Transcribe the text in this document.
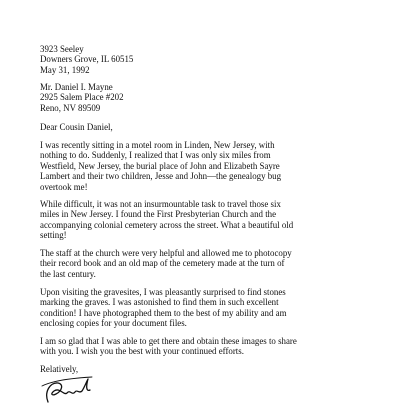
3923 Seeley
Downers Grove, IL 60515
May 31, 1992
Mr. Daniel I. Mayne
2925 Salem Place #202
Reno, NV 89509
Dear Cousin Daniel,
I was recently sitting in a motel room in Linden, New Jersey, with
nothing to do. Suddenly, I realized that I was only six miles from
Westfield, New Jersey, the burial place of John and Elizabeth Sayre
Lambert and their two children, Jesse and John—the genealogy bug
overtook me!
While difficult, it was not an insurmountable task to travel those six
miles in New Jersey. I found the First Presbyterian Church and the
accompanying colonial cemetery across the street. What a beautiful old
setting!
The staff at the church were very helpful and allowed me to photocopy
their record book and an old map of the cemetery made at the turn of
the last century.
Upon visiting the gravesites, I was pleasantly surprised to find stones
marking the graves. I was astonished to find them in such excellent
condition! I have photographed them to the best of my ability and am
enclosing copies for your document files.
I am so glad that I was able to get there and obtain these images to share
with you. I wish you the best with your continued efforts.
Relatively,
